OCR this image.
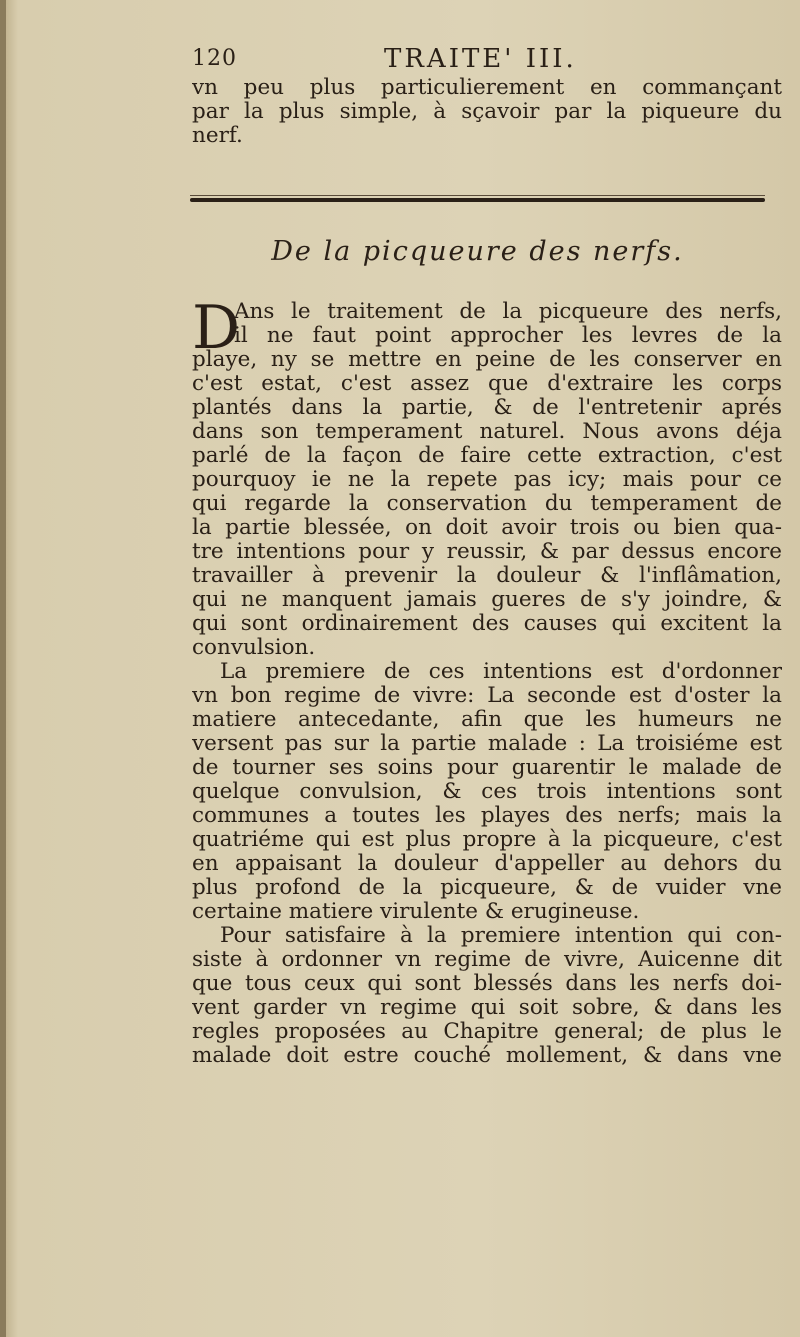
120	TRAITE' III.
vn peu plus particulierement en commançant
par la plus simple, à sçavoir par la piqueure du
nerf.
De la picqueure des nerfs.
D
Ans le traitement de la picqueure des nerfs,
il ne faut point approcher les levres de la
playe, ny se mettre en peine de les conserver en
c'est estat, c'est assez que d'extraire les corps
plantés dans la partie, & de l'entretenir aprés
dans son temperament naturel. Nous avons déja
parlé de la façon de faire cette extraction, c'est
pourquoy ie ne la repete pas icy; mais pour ce
qui regarde la conservation du temperament de
la partie blessée, on doit avoir trois ou bien qua-
tre intentions pour y reussir, & par dessus encore
travailler à prevenir la douleur & l'inflâmation,
qui ne manquent jamais gueres de s'y joindre, &
qui sont ordinairement des causes qui excitent la
convulsion.
La premiere de ces intentions est d'ordonner
vn bon regime de vivre: La seconde est d'oster la
matiere antecedante, afin que les humeurs ne
versent pas sur la partie malade : La troisiéme est
de tourner ses soins pour guarentir le malade de
quelque convulsion, & ces trois intentions sont
communes a toutes les playes des nerfs; mais la
quatriéme qui est plus propre à la picqueure, c'est
en appaisant la douleur d'appeller au dehors du
plus profond de la picqueure, & de vuider vne
certaine matiere virulente & erugineuse.
Pour satisfaire à la premiere intention qui con-
siste à ordonner vn regime de vivre, Auicenne dit
que tous ceux qui sont blessés dans les nerfs doi-
vent garder vn regime qui soit sobre, & dans les
regles proposées au Chapitre general; de plus le
malade doit estre couché mollement, & dans vne
